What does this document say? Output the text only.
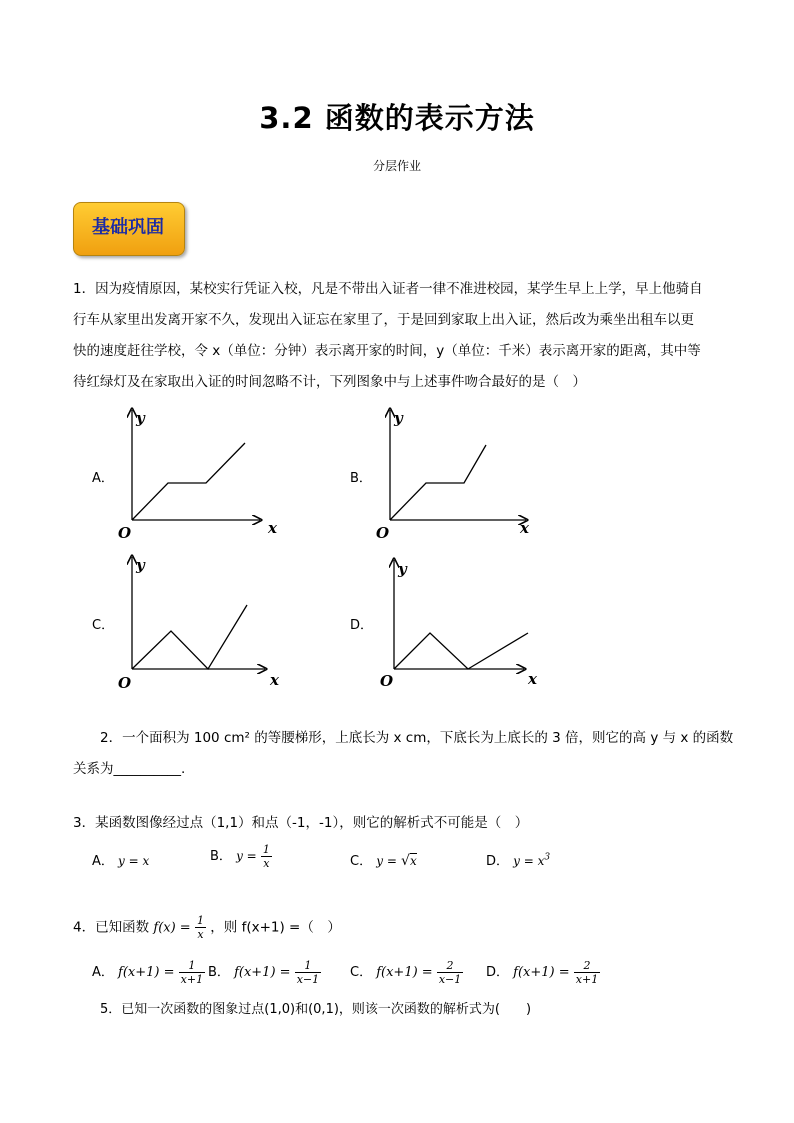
3.2 函数的表示方法
分层作业
基础巩固
1．因为疫情原因，某校实行凭证入校，凡是不带出入证者一律不准进校园，某学生早上上学，早上他骑自
行车从家里出发离开家不久，发现出入证忘在家里了，于是回到家取上出入证，然后改为乘坐出租车以更
快的速度赶往学校，令 x（单位：分钟）表示离开家的时间，y（单位：千米）表示离开家的距离，其中等
待红绿灯及在家取出入证的时间忽略不计，下列图象中与上述事件吻合最好的是（　）
A．	B．
C．	D．
y
x
O
y
x
O
y
x
O
y
x
O
2．一个面积为 100 cm² 的等腰梯形，上底长为 x cm，下底长为上底长的 3 倍，则它的高 y 与 x 的函数
关系为__________.
3．某函数图像经过点（1,1）和点（-1，-1），则它的解析式不可能是（　）
A． y = x	B． $y = \frac{1}{x}$	C． y = √x	D． $y = x^3$
4．已知函数 $f(x) = \frac{1}{x}$ ，则 f(x+1) =（　）
A． $f(x+1) = \frac{1}{x+1}$ B． $f(x+1) = \frac{1}{x-1}$ C． $f(x+1) = \frac{2}{x-1}$ D． $f(x+1) = \frac{2}{x+1}$
5．已知一次函数的图象过点(1,0)和(0,1)，则该一次函数的解析式为(　　)
